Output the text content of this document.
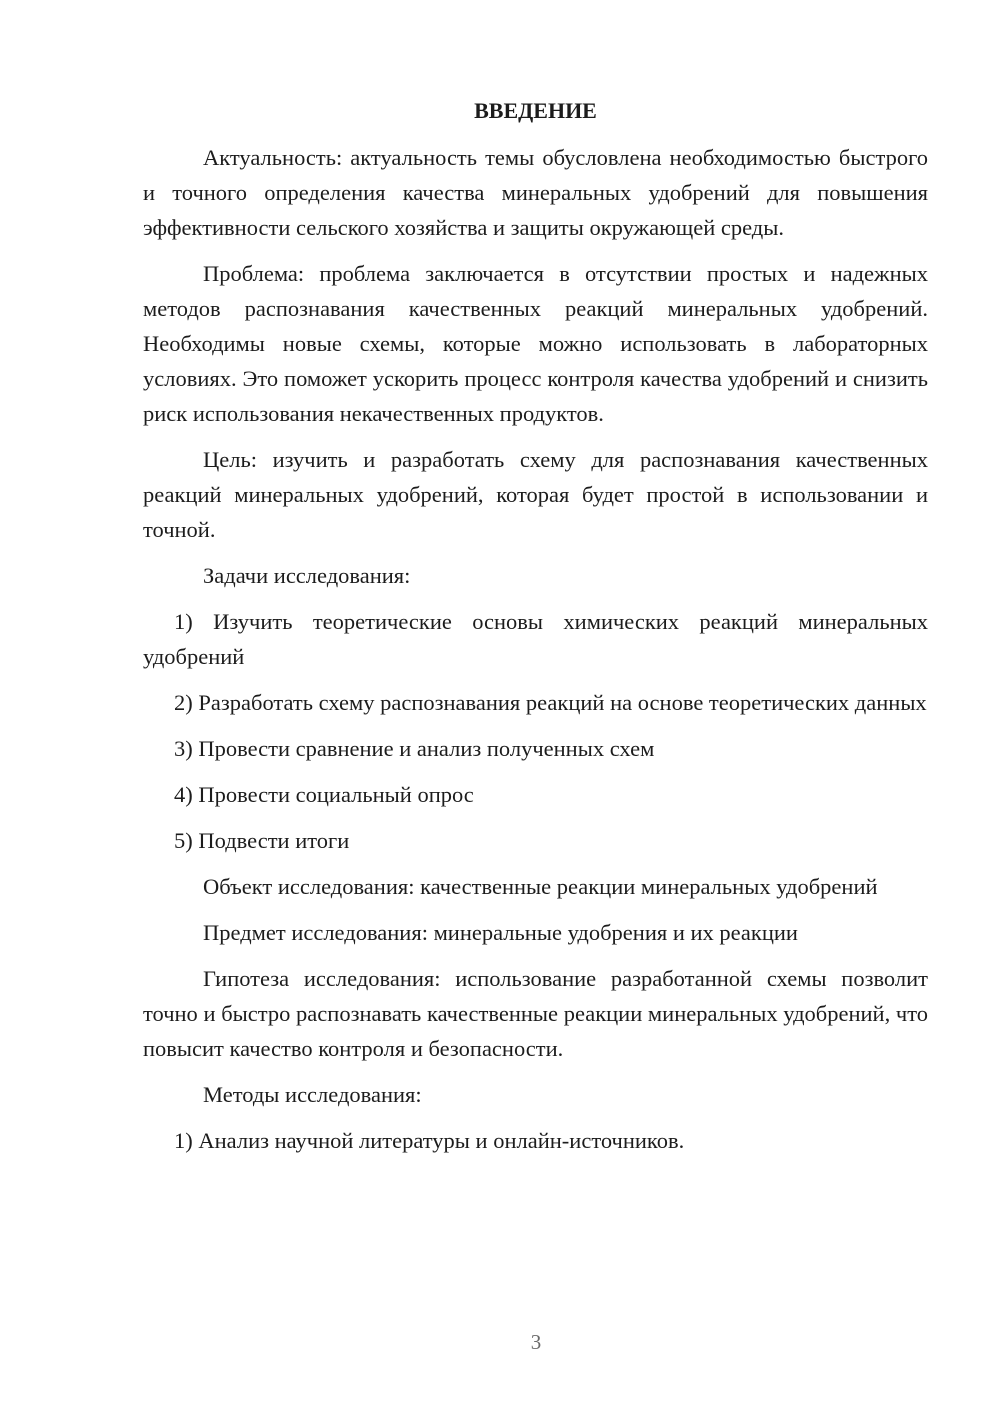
ВВЕДЕНИЕ

Актуальность: актуальность темы обусловлена необходимостью быстрого и точного определения качества минеральных удобрений для повышения эффективности сельского хозяйства и защиты окружающей среды.

Проблема: проблема заключается в отсутствии простых и надежных методов распознавания качественных реакций минеральных удобрений. Необходимы новые схемы, которые можно использовать в лабораторных условиях. Это поможет ускорить процесс контроля качества удобрений и снизить риск использования некачественных продуктов.

Цель: изучить и разработать схему для распознавания качественных реакций минеральных удобрений, которая будет простой в использовании и точной.

Задачи исследования:

1) Изучить теоретические основы химических реакций минеральных удобрений

2) Разработать схему распознавания реакций на основе теоретических данных

3) Провести сравнение и анализ полученных схем

4) Провести социальный опрос

5) Подвести итоги

Объект исследования: качественные реакции минеральных удобрений

Предмет исследования: минеральные удобрения и их реакции

Гипотеза исследования: использование разработанной схемы позволит точно и быстро распознавать качественные реакции минеральных удобрений, что повысит качество контроля и безопасности.

Методы исследования:

1) Анализ научной литературы и онлайн-источников.

3
